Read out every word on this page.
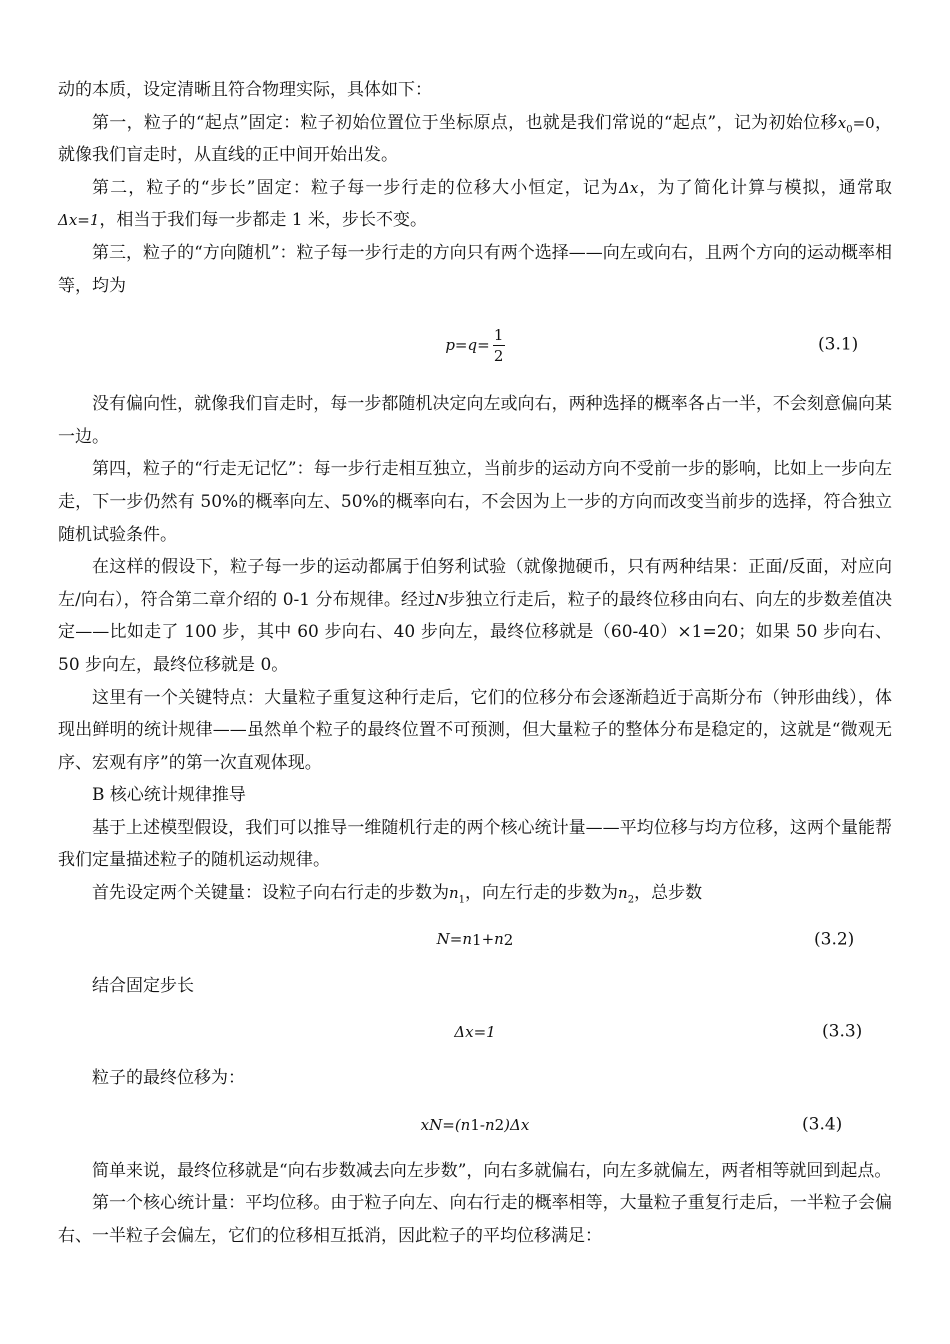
动的本质，设定清晰且符合物理实际，具体如下：

第一，粒子的“起点”固定：粒子初始位置位于坐标原点，也就是我们常说的“起点”，记为初始位移$x_0=0$，就像我们盲走时，从直线的正中间开始出发。

第二，粒子的“步长”固定：粒子每一步行走的位移大小恒定，记为Δx，为了简化计算与模拟，通常取Δx=1，相当于我们每一步都走 1 米，步长不变。

第三，粒子的“方向随机”：粒子每一步行走的方向只有两个选择——向左或向右，且两个方向的运动概率相等，均为

$p=q= \frac{1}{2}$	(3.1)

没有偏向性，就像我们盲走时，每一步都随机决定向左或向右，两种选择的概率各占一半，不会刻意偏向某一边。

第四，粒子的“行走无记忆”：每一步行走相互独立，当前步的运动方向不受前一步的影响，比如上一步向左走，下一步仍然有 50%的概率向左、50%的概率向右，不会因为上一步的方向而改变当前步的选择，符合独立随机试验条件。

在这样的假设下，粒子每一步的运动都属于伯努利试验（就像抛硬币，只有两种结果：正面/反面，对应向左/向右），符合第二章介绍的 0-1 分布规律。经过N步独立行走后，粒子的最终位移由向右、向左的步数差值决定——比如走了 100 步，其中 60 步向右、40 步向左，最终位移就是（60-40）×1=20；如果 50 步向右、50 步向左，最终位移就是 0。

这里有一个关键特点：大量粒子重复这种行走后，它们的位移分布会逐渐趋近于高斯分布（钟形曲线），体现出鲜明的统计规律——虽然单个粒子的最终位置不可预测，但大量粒子的整体分布是稳定的，这就是“微观无序、宏观有序”的第一次直观体现。

B 核心统计规律推导

基于上述模型假设，我们可以推导一维随机行走的两个核心统计量——平均位移与均方位移，这两个量能帮我们定量描述粒子的随机运动规律。

首先设定两个关键量：设粒子向右行走的步数为$n_1$，向左行走的步数为$n_2$，总步数

N=n 1 +n 2	(3.2)

结合固定步长

Δx=1	(3.3)

粒子的最终位移为：

x N =(n 1 -n 2 )Δx	(3.4)

简单来说，最终位移就是“向右步数减去向左步数”，向右多就偏右，向左多就偏左，两者相等就回到起点。

第一个核心统计量：平均位移。由于粒子向左、向右行走的概率相等，大量粒子重复行走后，一半粒子会偏右、一半粒子会偏左，它们的位移相互抵消，因此粒子的平均位移满足：
